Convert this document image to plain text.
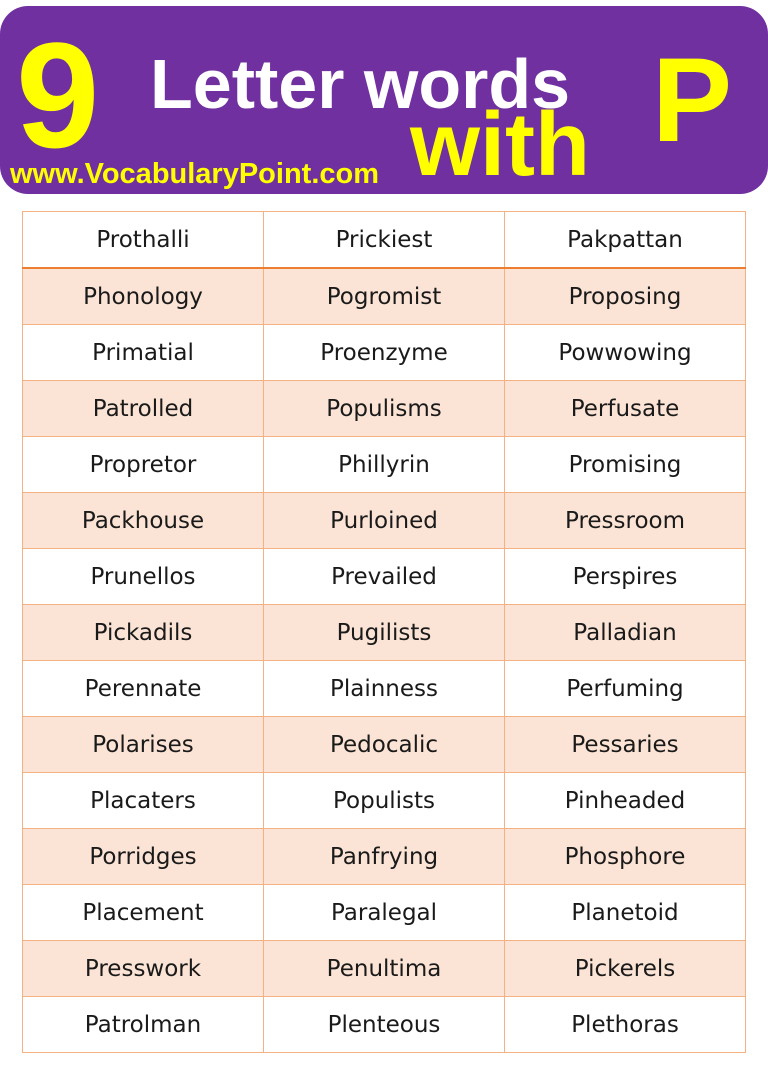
9 Letter words P
with
www.VocabularyPoint.com
Prothalli	Prickiest	Pakpattan
Phonology	Pogromist	Proposing
Primatial	Proenzyme	Powwowing
Patrolled	Populisms	Perfusate
Propretor	Phillyrin	Promising
Packhouse	Purloined	Pressroom
Prunellos	Prevailed	Perspires
Pickadils	Pugilists	Palladian
Perennate	Plainness	Perfuming
Polarises	Pedocalic	Pessaries
Placaters	Populists	Pinheaded
Porridges	Panfrying	Phosphore
Placement	Paralegal	Planetoid
Presswork	Penultima	Pickerels
Patrolman	Plenteous	Plethoras
